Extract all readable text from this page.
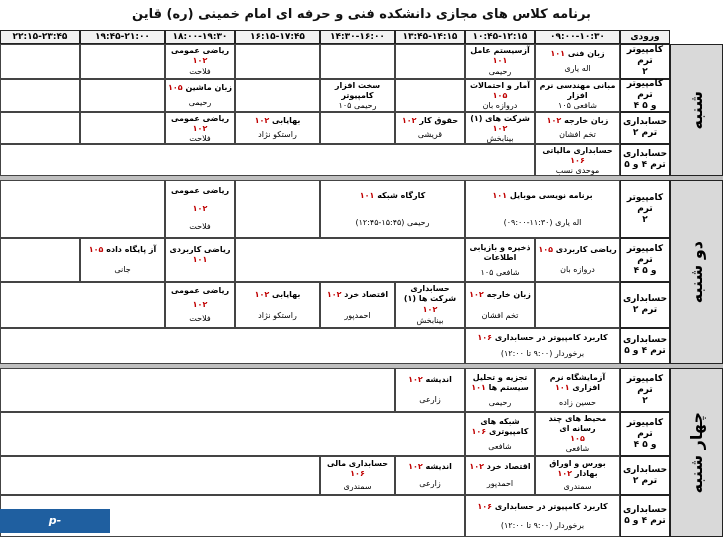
برنامه کلاس های مجازی دانشکده فنی و حرفه ای امام خمینی (ره) قاین
ورودی
۰۹:۰۰-۱۰:۳۰
۱۰:۴۵-۱۲:۱۵
۱۳:۴۵-۱۴:۱۵
۱۴:۳۰-۱۶:۰۰
۱۶:۱۵-۱۷:۴۵
۱۸:۰۰-۱۹:۳۰
۱۹:۴۵-۲۱:۰۰
۲۲:۱۵-۲۳:۴۵
شنبه
کامپیوتر ترم
۲
کامپیوتر ترم
۴ و ۵
حسابداری
ترم ۲
حسابداری
ترم ۴ و ۵
زبان فنی ۱۰۱
اله یاری
آزسیستم عامل ۱۰۱
رحیمی
ریاضی عمومی ۱۰۲
فلاحت
مبانی مهندسی نرم افزار
شافعی ۱۰۵
آمار و احتمالات ۱۰۵
دروازه بان
سخت افزار کامپیوتر
رحیمی ۱۰۵
زبان ماشین ۱۰۵
رحیمی
زبان خارجه ۱۰۲
تخم افشان
شرکت های (۱) ۱۰۲
بینابخش
حقوق کار ۱۰۲
قریشی
بهایابی ۱۰۲
راستکو نژاد
ریاضی عمومی ۱۰۲
فلاحت
حسابداری مالیاتی ۱۰۶
موحدی نسب
دو شنبه
کامپیوتر ترم
۲
کامپیوتر ترم
۴ و ۵
حسابداری
ترم ۲
حسابداری
ترم ۴ و ۵
برنامه نویسی موبایل ۱۰۱
اله یاری (۱۱:۳۰-۰۹:۰۰)
کارگاه شبکه ۱۰۱
رحیمی (۱۵:۴۵-۱۲:۴۵)
ریاضی عمومی
۱۰۲
فلاحت
ریاضی کاربردی ۱۰۵
دروازه بان
ذخیره و بازیابی اطلاعات
شافعی ۱۰۵
ریاضی کاربردی ۱۰۱
آز پایگاه داده ۱۰۵
جانی
زبان خارجه ۱۰۲
تخم افشان
حسابداری شرکت ها (۱)
۱۰۲
بینابخش
اقتصاد خرد ۱۰۲
احمدپور
بهایابی ۱۰۲
راستکو نژاد
ریاضی عمومی
۱۰۲
فلاحت
کاربرد کامپیوتر در حسابداری ۱۰۶
برخوردار (۹:۰۰ تا ۱۲:۰۰)
چهار شنبه
کامپیوتر ترم
۲
کامپیوتر ترم
۴ و ۵
حسابداری
ترم ۲
حسابداری
ترم ۴ و ۵
آزمایشگاه نرم افزاری ۱۰۱
حسین زاده
تجزیه و تحلیل سیستم ها ۱۰۱
رحیمی
اندیشه ۱۰۲
زارعی
محیط های چند رسانه ای
۱۰۵
شافعی
شبکه های کامپیوتری ۱۰۶
شافعی
بورس و اوراق بهادار ۱۰۲
سمندری
اقتصاد خرد ۱۰۲
احمدپور
اندیشه ۱۰۲
زارعی
حسابداری مالی ۱۰۶
سمندری
کاربرد کامپیوتر در حسابداری ۱۰۶
برخوردار (۹:۰۰ تا ۱۲:۰۰)
p-ghayen.tvu.ac.ir
